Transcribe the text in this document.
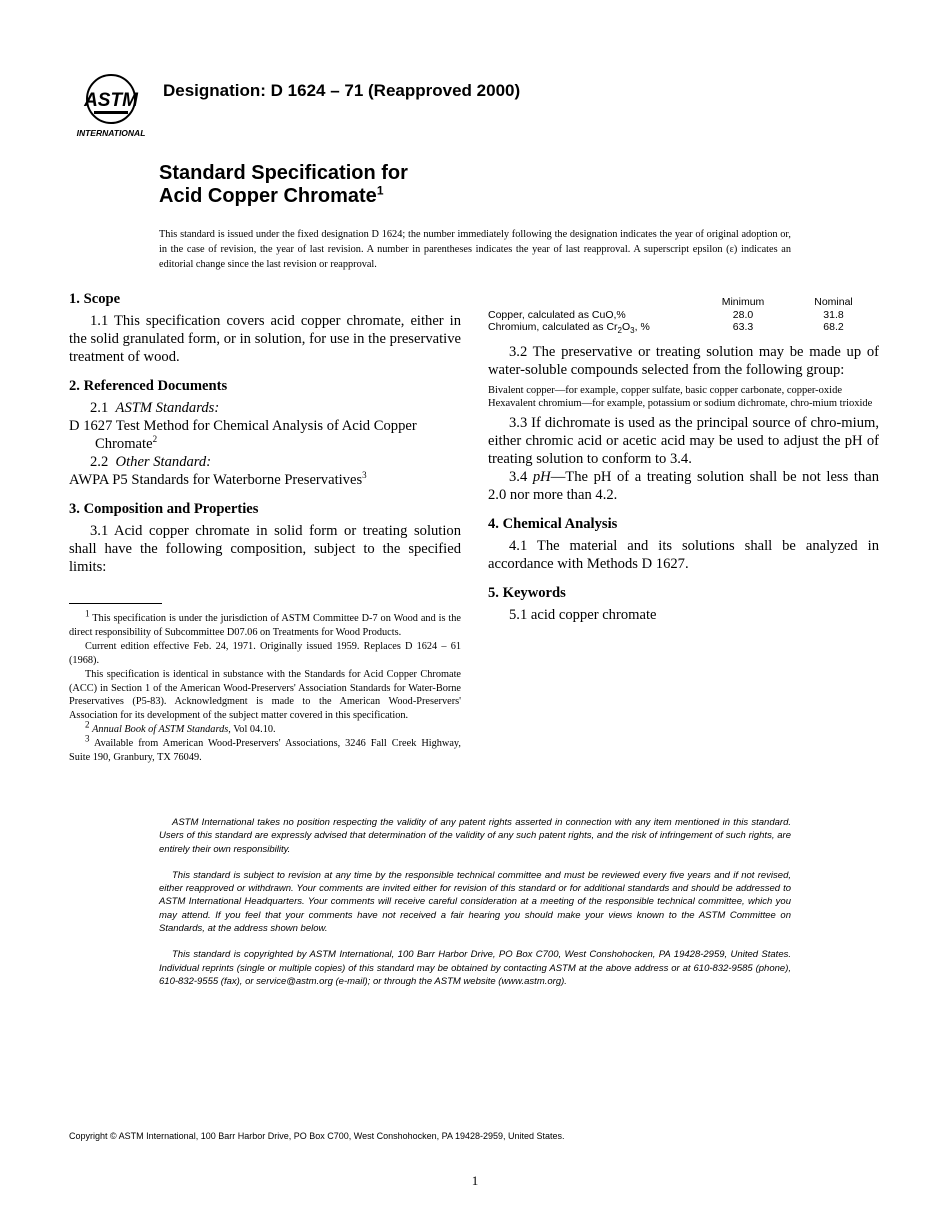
ASTM
INTERNATIONAL
Designation: D 1624 – 71 (Reapproved 2000)
Standard Specification for
Acid Copper Chromate$^1$
This standard is issued under the fixed designation D 1624; the number immediately following the designation indicates the year of original adoption or, in the case of revision, the year of last revision. A number in parentheses indicates the year of last reapproval. A superscript epsilon (ε) indicates an editorial change since the last revision or reapproval.
1. Scope

1.1 This specification covers acid copper chromate, either in the solid granulated form, or in solution, for use in the preservative treatment of wood.

2. Referenced Documents

2.1 ASTM Standards:

D 1627 Test Method for Chemical Analysis of Acid Copper Chromate$^2$

2.2 Other Standard:

AWPA P5 Standards for Waterborne Preservatives$^3$

3. Composition and Properties

3.1 Acid copper chromate in solid form or treating solution shall have the following composition, subject to the specified limits:

$^1$ This specification is under the jurisdiction of ASTM Committee D-7 on Wood and is the direct responsibility of Subcommittee D07.06 on Treatments for Wood Products.

Current edition effective Feb. 24, 1971. Originally issued 1959. Replaces D 1624 – 61 (1968).

This specification is identical in substance with the Standards for Acid Copper Chromate (ACC) in Section 1 of the American Wood-Preservers' Association Standards for Water-Borne Preservatives (P5-83). Acknowledgment is made to the American Wood-Preservers' Association for its development of the subject matter covered in this specification.

$^2$ Annual Book of ASTM Standards, Vol 04.10.

$^3$ Available from American Wood-Preservers' Associations, 3246 Fall Creek Highway, Suite 190, Granbury, TX 76049.

	Minimum	Nominal
Copper, calculated as CuO,%	28.0	31.8
Chromium, calculated as $Cr_2O_3$, %	63.3	68.2

3.2 The preservative or treating solution may be made up of water-soluble compounds selected from the following group:

Bivalent copper—for example, copper sulfate, basic copper carbonate, copper-oxide

Hexavalent chromium—for example, potassium or sodium dichromate, chro-mium trioxide

3.3 If dichromate is used as the principal source of chro-mium, either chromic acid or acetic acid may be used to adjust the pH of treating solution to conform to 3.4.

3.4 pH—The pH of a treating solution shall be not less than 2.0 nor more than 4.2.

4. Chemical Analysis

4.1 The material and its solutions shall be analyzed in accordance with Methods D 1627.

5. Keywords

5.1 acid copper chromate

ASTM International takes no position respecting the validity of any patent rights asserted in connection with any item mentioned in this standard. Users of this standard are expressly advised that determination of the validity of any such patent rights, and the risk of infringement of such rights, are entirely their own responsibility.

This standard is subject to revision at any time by the responsible technical committee and must be reviewed every five years and if not revised, either reapproved or withdrawn. Your comments are invited either for revision of this standard or for additional standards and should be addressed to ASTM International Headquarters. Your comments will receive careful consideration at a meeting of the responsible technical committee, which you may attend. If you feel that your comments have not received a fair hearing you should make your views known to the ASTM Committee on Standards, at the address shown below.

This standard is copyrighted by ASTM International, 100 Barr Harbor Drive, PO Box C700, West Conshohocken, PA 19428-2959, United States. Individual reprints (single or multiple copies) of this standard may be obtained by contacting ASTM at the above address or at 610-832-9585 (phone), 610-832-9555 (fax), or service@astm.org (e-mail); or through the ASTM website (www.astm.org).

Copyright © ASTM International, 100 Barr Harbor Drive, PO Box C700, West Conshohocken, PA 19428-2959, United States.
1
